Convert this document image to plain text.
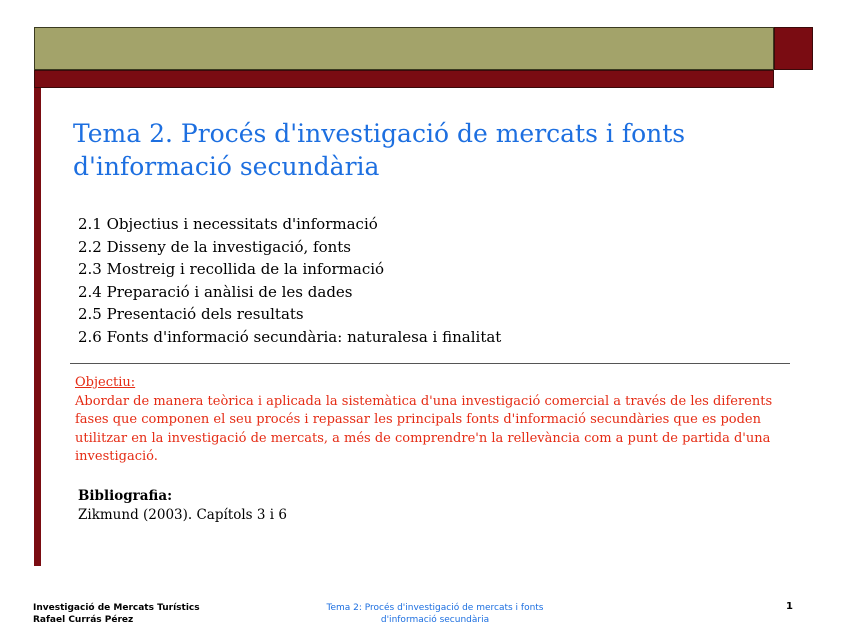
Tema 2. Procés d'investigació de mercats i fonts d'informació secundària
2.1 Objectius i necessitats d'informació
2.2 Disseny de la investigació, fonts
2.3 Mostreig i recollida de la informació
2.4 Preparació i anàlisi de les dades
2.5 Presentació dels resultats
2.6 Fonts d'informació secundària: naturalesa i finalitat
Objectiu:
Abordar de manera teòrica i aplicada la sistemàtica d'una investigació comercial a través de les diferents fases que componen el seu procés i repassar les principals fonts d'informació secundàries que es poden utilitzar en la investigació de mercats, a més de comprendre'n la rellevància com a punt de partida d'una investigació.
Bibliografia:
Zikmund (2003). Capítols 3 i 6
Investigació de Mercats Turístics
Rafael Currás Pérez
Tema 2: Procés d'investigació de mercats i fonts
d'informació secundària
1
